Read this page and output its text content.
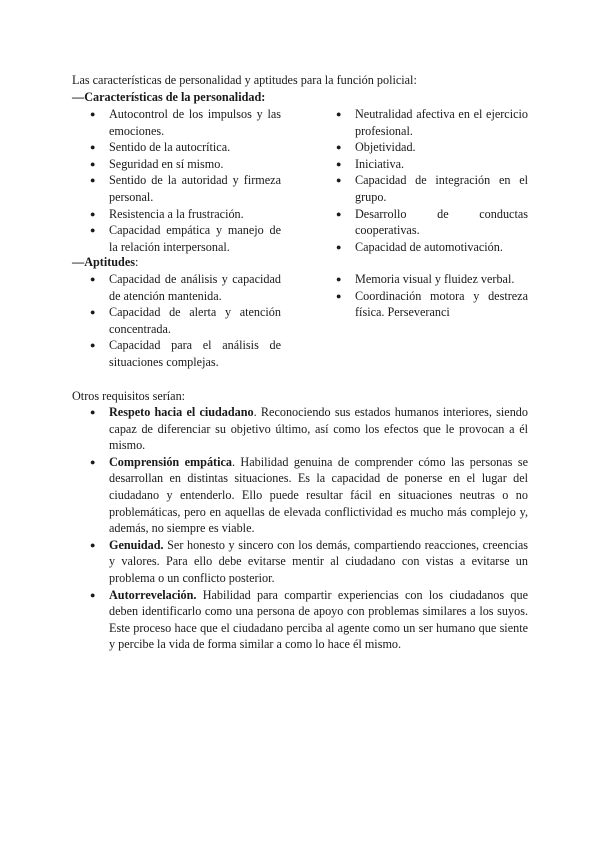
Las características de personalidad y aptitudes para la función policial:
—Características de la personalidad:
● Autocontrol de los impulsos y las emociones.
● Sentido de la autocrítica.
● Seguridad en sí mismo.
● Sentido de la autoridad y firmeza personal.
● Resistencia a la frustración.
● Capacidad empática y manejo de la relación interpersonal.
● Neutralidad afectiva en el ejercicio profesional.
● Objetividad.
● Iniciativa.
● Capacidad de integración en el grupo.
● Desarrollo de conductas cooperativas.
● Capacidad de automotivación.
—Aptitudes:
● Capacidad de análisis y capacidad de atención mantenida.
● Capacidad de alerta y atención concentrada.
● Capacidad para el análisis de situaciones complejas.
● Memoria visual y fluidez verbal.
● Coordinación motora y destreza física. Perseveranci
Otros requisitos serían:
● Respeto hacia el ciudadano. Reconociendo sus estados humanos interiores, siendo capaz de diferenciar su objetivo último, así como los efectos que le provocan a él mismo.
● Comprensión empática. Habilidad genuina de comprender cómo las personas se desarrollan en distintas situaciones. Es la capacidad de ponerse en el lugar del ciudadano y entenderlo. Ello puede resultar fácil en situaciones neutras o no problemáticas, pero en aquellas de elevada conflictividad es mucho más complejo y, además, no siempre es viable.
● Genuidad. Ser honesto y sincero con los demás, compartiendo reacciones, creencias y valores. Para ello debe evitarse mentir al ciudadano con vistas a evitarse un problema o un conflicto posterior.
● Autorrevelación. Habilidad para compartir experiencias con los ciudadanos que deben identificarlo como una persona de apoyo con problemas similares a los suyos. Este proceso hace que el ciudadano perciba al agente como un ser humano que siente y percibe la vida de forma similar a como lo hace él mismo.
